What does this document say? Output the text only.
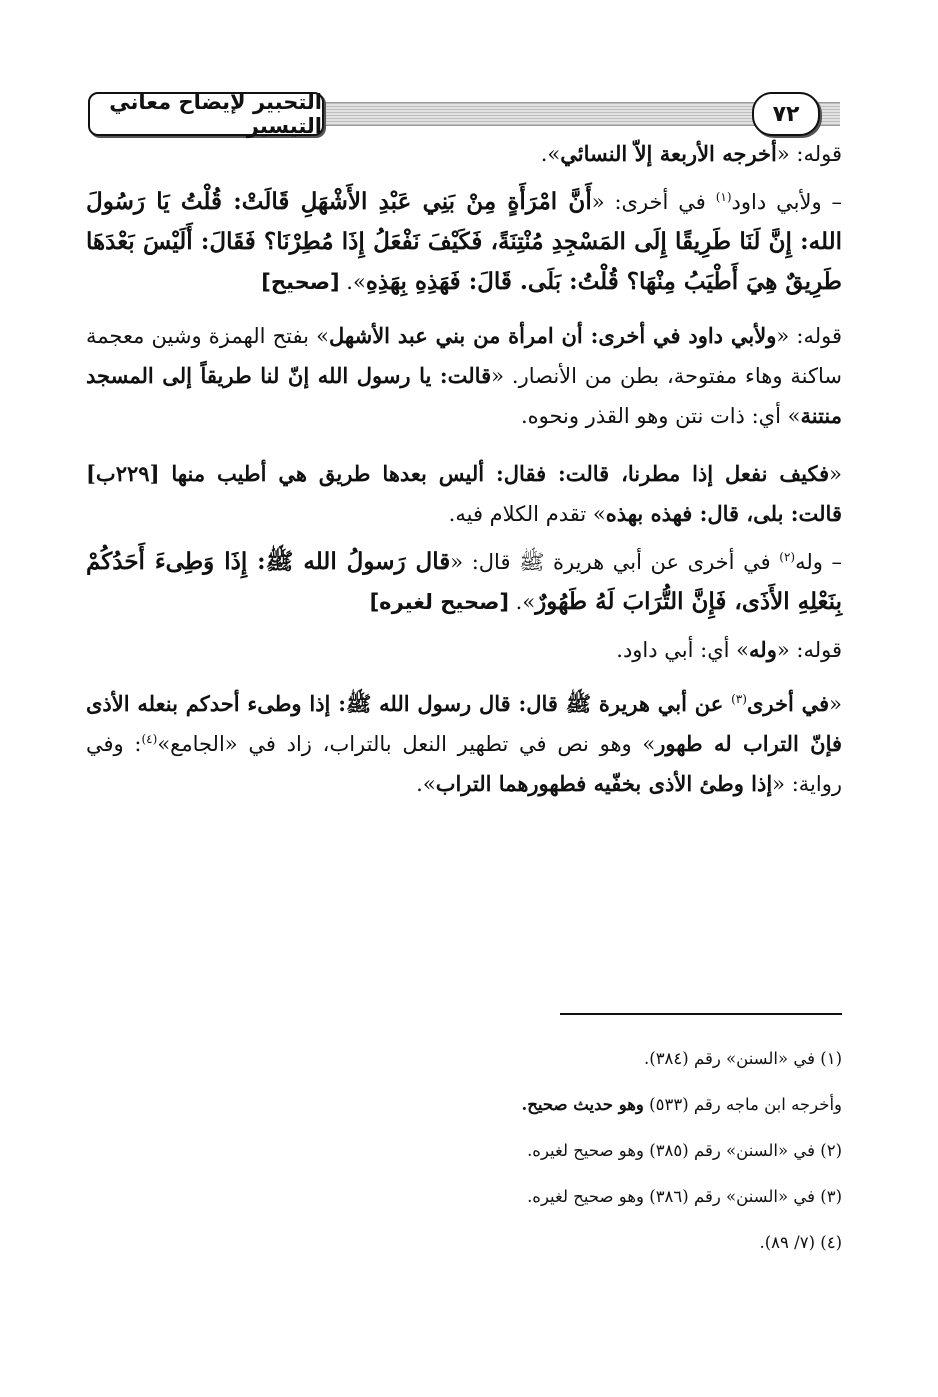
التحبير لإيضاح معاني التيسير	٧٢

قوله: «أخرجه الأربعة إلاّ النسائي».

– ولأبي داود$^{(١)}$ في أخرى: «أَنَّ امْرَأَةٍ مِنْ بَنِي عَبْدِ الأَشْهَلِ قَالَتْ: قُلْتُ يَا رَسُولَ الله: إِنَّ لَنَا طَرِيقًا إِلَى المَسْجِدِ مُنْتِنَةً، فَكَيْفَ نَفْعَلُ إِذَا مُطِرْنَا؟ فَقَالَ: أَلَيْسَ بَعْدَهَا طَرِيقٌ هِيَ أَطْيَبُ مِنْهَا؟ قُلْتُ: بَلَى. قَالَ: فَهَذِهِ بِهَذِهِ». [صحيح]

قوله: «ولأبي داود في أخرى: أن امرأة من بني عبد الأشهل» بفتح الهمزة وشين معجمة ساكنة وهاء مفتوحة، بطن من الأنصار. «قالت: يا رسول الله إنّ لنا طريقاً إلى المسجد منتنة» أي: ذات نتن وهو القذر ونحوه.

«فكيف نفعل إذا مطرنا، قالت: فقال: أليس بعدها طريق هي أطيب منها [٢٢٩ب] قالت: بلى، قال: فهذه بهذه» تقدم الكلام فيه.

– وله$^{(٢)}$ في أخرى عن أبي هريرة ﷺ قال: «قال رَسولُ الله ﷺ: إِذَا وَطِىءَ أَحَدُكُمْ بِنَعْلِهِ الأَذَى، فَإِنَّ التُّرَابَ لَهُ طَهُورٌ». [صحيح لغيره]

قوله: «وله» أي: أبي داود.

«في أخرى$^{(٣)}$ عن أبي هريرة ﷺ قال: قال رسول الله ﷺ: إذا وطىء أحدكم بنعله الأذى فإنّ التراب له طهور» وهو نص في تطهير النعل بالتراب، زاد في «الجامع»$^{(٤)}$: وفي رواية: «إذا وطئ الأذى بخفّيه فطهورهما التراب».

(١) في «السنن» رقم (٣٨٤).

وأخرجه ابن ماجه رقم (٥٣٣) وهو حديث صحيح.

(٢) في «السنن» رقم (٣٨٥) وهو صحيح لغيره.

(٣) في «السنن» رقم (٣٨٦) وهو صحيح لغيره.

(٤) (٧/ ٨٩).
